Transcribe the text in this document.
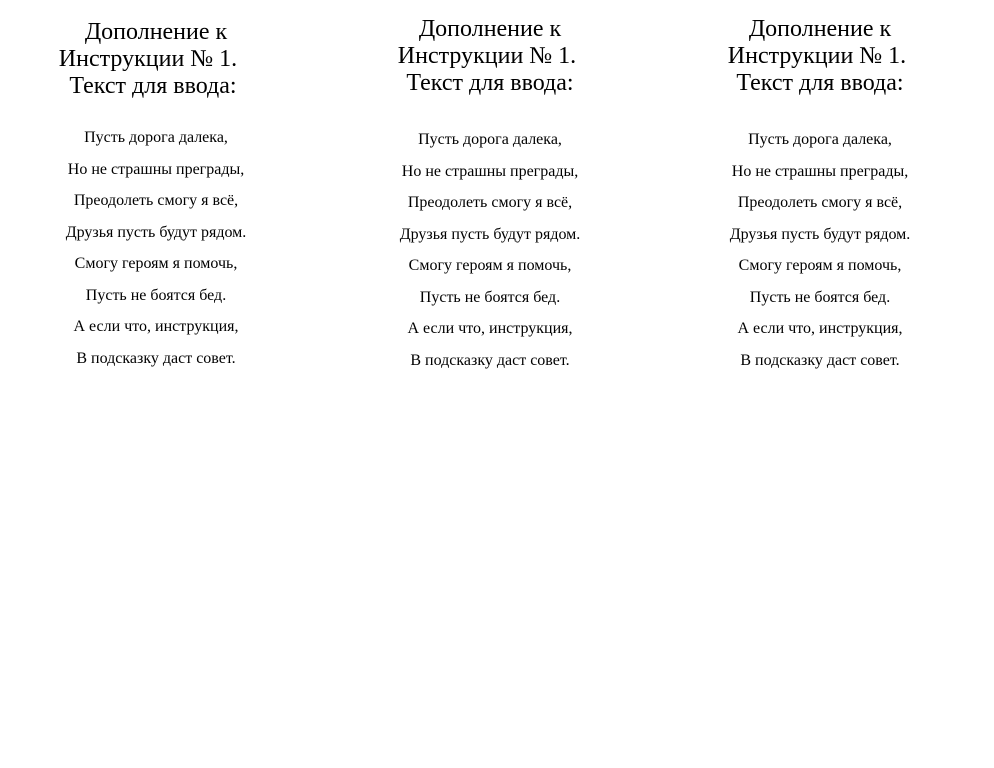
Дополнение к
Инструкции № 1.
Текст для ввода:
Пусть дорога далека,
Но не страшны преграды,
Преодолеть смогу я всё,
Друзья пусть будут рядом.
Смогу героям я помочь,
Пусть не боятся бед.
А если что, инструкция,
В подсказку даст совет.
Дополнение к
Инструкции № 1.
Текст для ввода:
Пусть дорога далека,
Но не страшны преграды,
Преодолеть смогу я всё,
Друзья пусть будут рядом.
Смогу героям я помочь,
Пусть не боятся бед.
А если что, инструкция,
В подсказку даст совет.
Дополнение к
Инструкции № 1.
Текст для ввода:
Пусть дорога далека,
Но не страшны преграды,
Преодолеть смогу я всё,
Друзья пусть будут рядом.
Смогу героям я помочь,
Пусть не боятся бед.
А если что, инструкция,
В подсказку даст совет.
